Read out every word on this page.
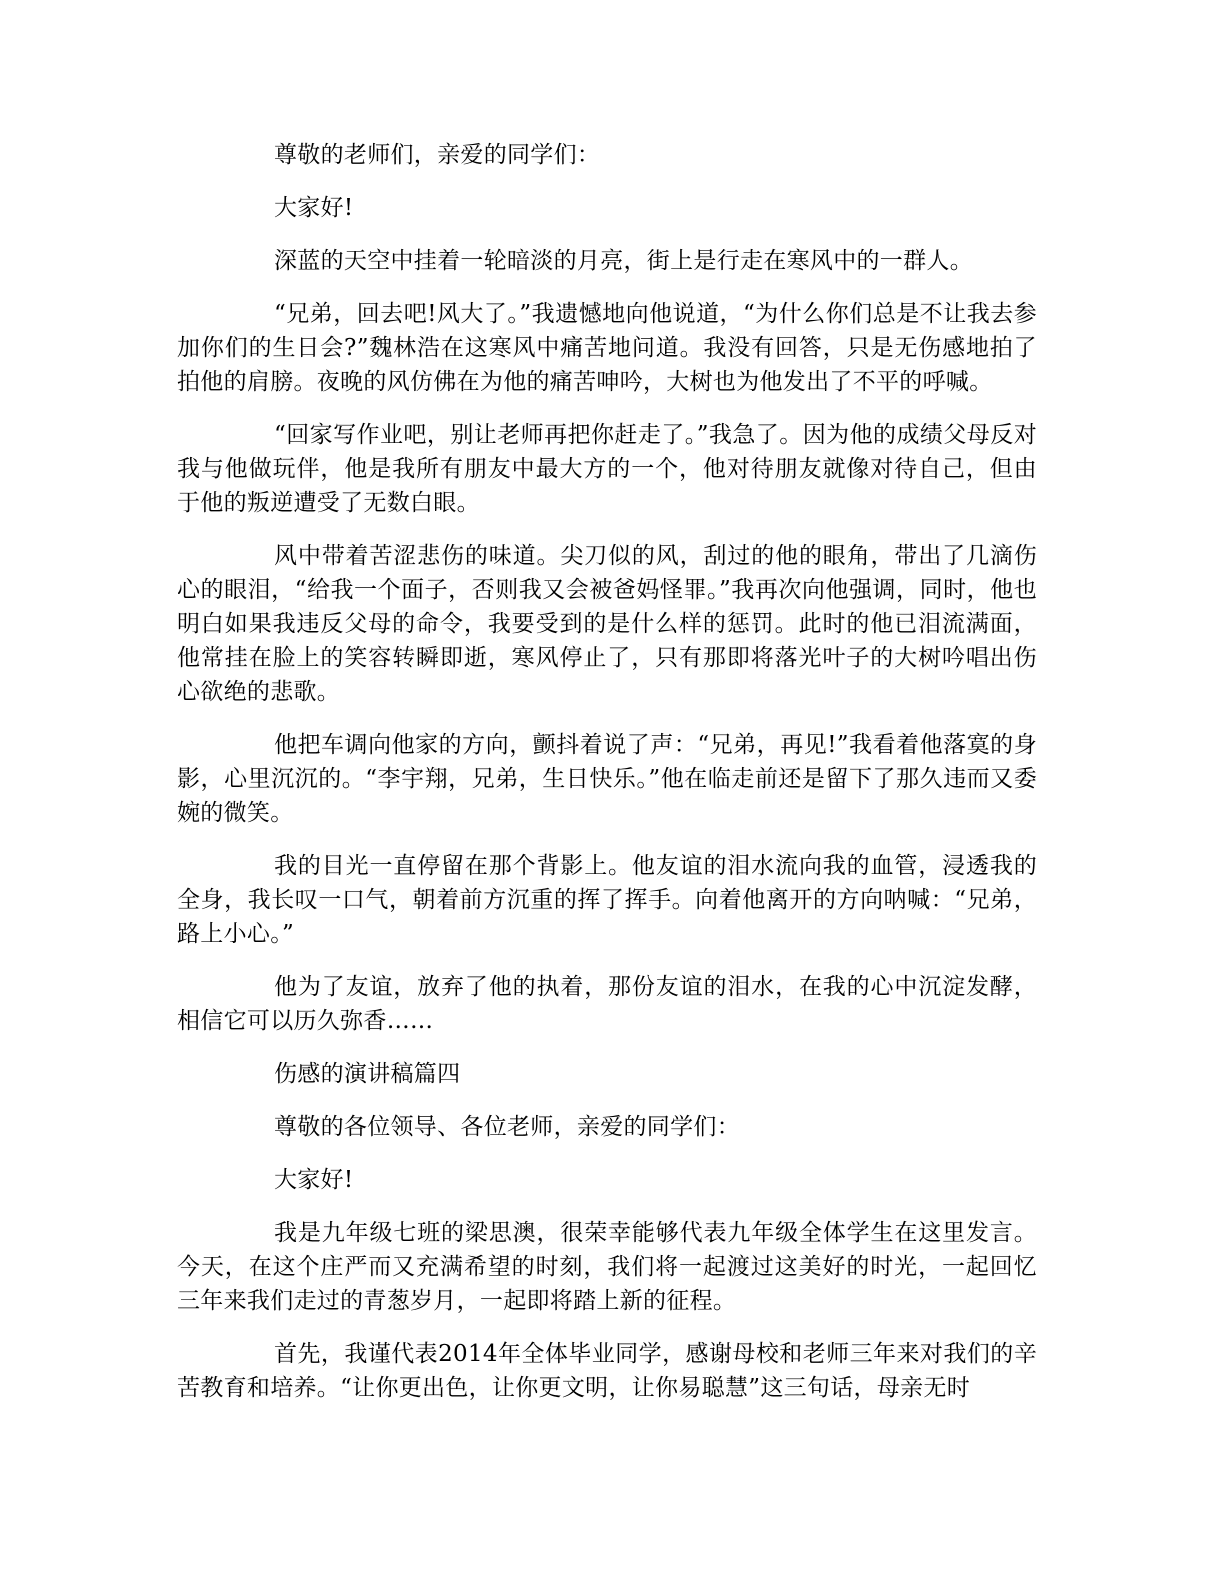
尊敬的老师们，亲爱的同学们：

大家好!

深蓝的天空中挂着一轮暗淡的月亮，街上是行走在寒风中的一群人。

“兄弟，回去吧!风大了。”我遗憾地向他说道，“为什么你们总是不让我去参加你们的生日会?”魏林浩在这寒风中痛苦地问道。我没有回答，只是无伤感地拍了拍他的肩膀。夜晚的风仿佛在为他的痛苦呻吟，大树也为他发出了不平的呼喊。

“回家写作业吧，别让老师再把你赶走了。”我急了。因为他的成绩父母反对我与他做玩伴，他是我所有朋友中最大方的一个，他对待朋友就像对待自己，但由于他的叛逆遭受了无数白眼。

风中带着苦涩悲伤的味道。尖刀似的风，刮过的他的眼角，带出了几滴伤心的眼泪，“给我一个面子，否则我又会被爸妈怪罪。”我再次向他强调，同时，他也明白如果我违反父母的命令，我要受到的是什么样的惩罚。此时的他已泪流满面，他常挂在脸上的笑容转瞬即逝，寒风停止了，只有那即将落光叶子的大树吟唱出伤心欲绝的悲歌。

他把车调向他家的方向，颤抖着说了声：“兄弟，再见!”我看着他落寞的身影，心里沉沉的。“李宇翔，兄弟，生日快乐。”他在临走前还是留下了那久违而又委婉的微笑。

我的目光一直停留在那个背影上。他友谊的泪水流向我的血管，浸透我的全身，我长叹一口气，朝着前方沉重的挥了挥手。向着他离开的方向呐喊：“兄弟，路上小心。”

他为了友谊，放弃了他的执着，那份友谊的泪水，在我的心中沉淀发酵，相信它可以历久弥香……

伤感的演讲稿篇四

尊敬的各位领导、各位老师，亲爱的同学们：

大家好!

我是九年级七班的梁思澳，很荣幸能够代表九年级全体学生在这里发言。今天，在这个庄严而又充满希望的时刻，我们将一起渡过这美好的时光，一起回忆三年来我们走过的青葱岁月，一起即将踏上新的征程。

首先，我谨代表2014年全体毕业同学，感谢母校和老师三年来对我们的辛苦教育和培养。“让你更出色，让你更文明，让你易聪慧”这三句话，母亲无时
